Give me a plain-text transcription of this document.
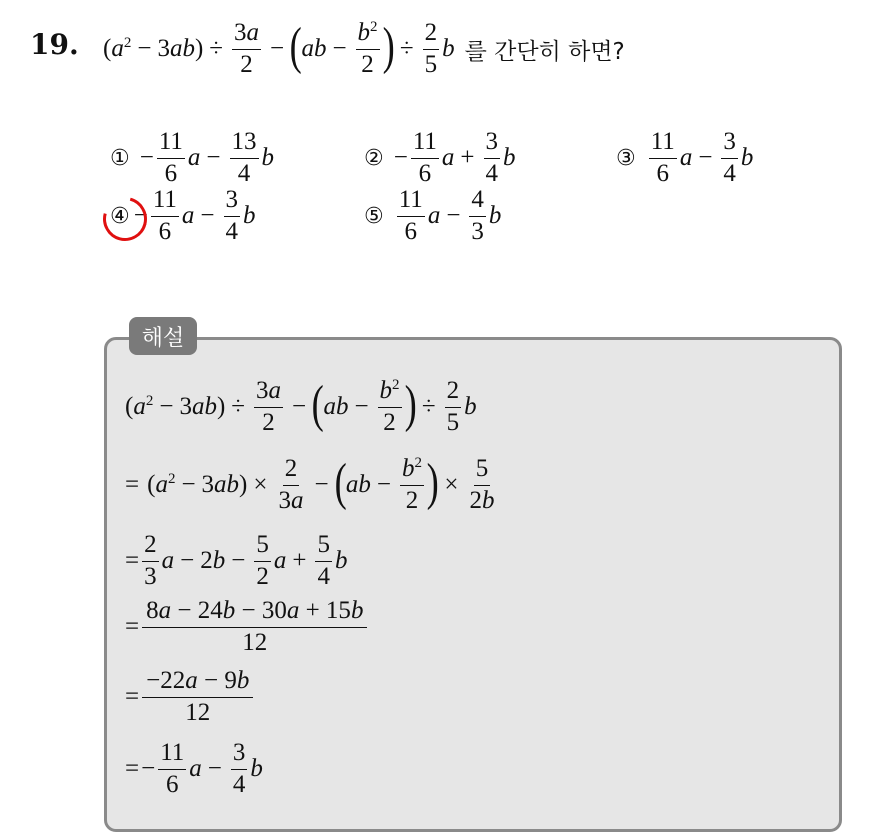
19. $(a^2 - 3ab) \div \frac{3a}{2}$ − ( ab − $\frac{b^2}{2}$ ) ÷ $\frac{2}{5}$ b 를 간단히 하면?
① − $\frac{11}{6}$ $a - \frac{13}{4}$ b	② − $\frac{11}{6}$ $a + \frac{3}{4}$ b	③ $\frac{11}{6}$ $a - \frac{3}{4}$ b
④ − $\frac{11}{6}$ $a - \frac{3}{4}$ b	⑤ $\frac{11}{6}$ $a - \frac{4}{3}$ b
해설
$(a^2 - 3ab) \div \frac{3a}{2}$ − ( ab − $\frac{b^2}{2}$ ) ÷ $\frac{2}{5}$ b
= $(a^2 - 3ab) \times \frac{2}{3a}$ − ( ab − $\frac{b^2}{2}$ ) × $\frac{5}{2b}$
= $\frac{2}{3}$ $a - 2b - \frac{5}{2}$ $a + \frac{5}{4}$ b
= $\frac{8a - 24b - 30a + 15b}{12}$
= $\frac{-22a - 9b}{12}$
= − $\frac{11}{6}$ $a - \frac{3}{4}$ b
